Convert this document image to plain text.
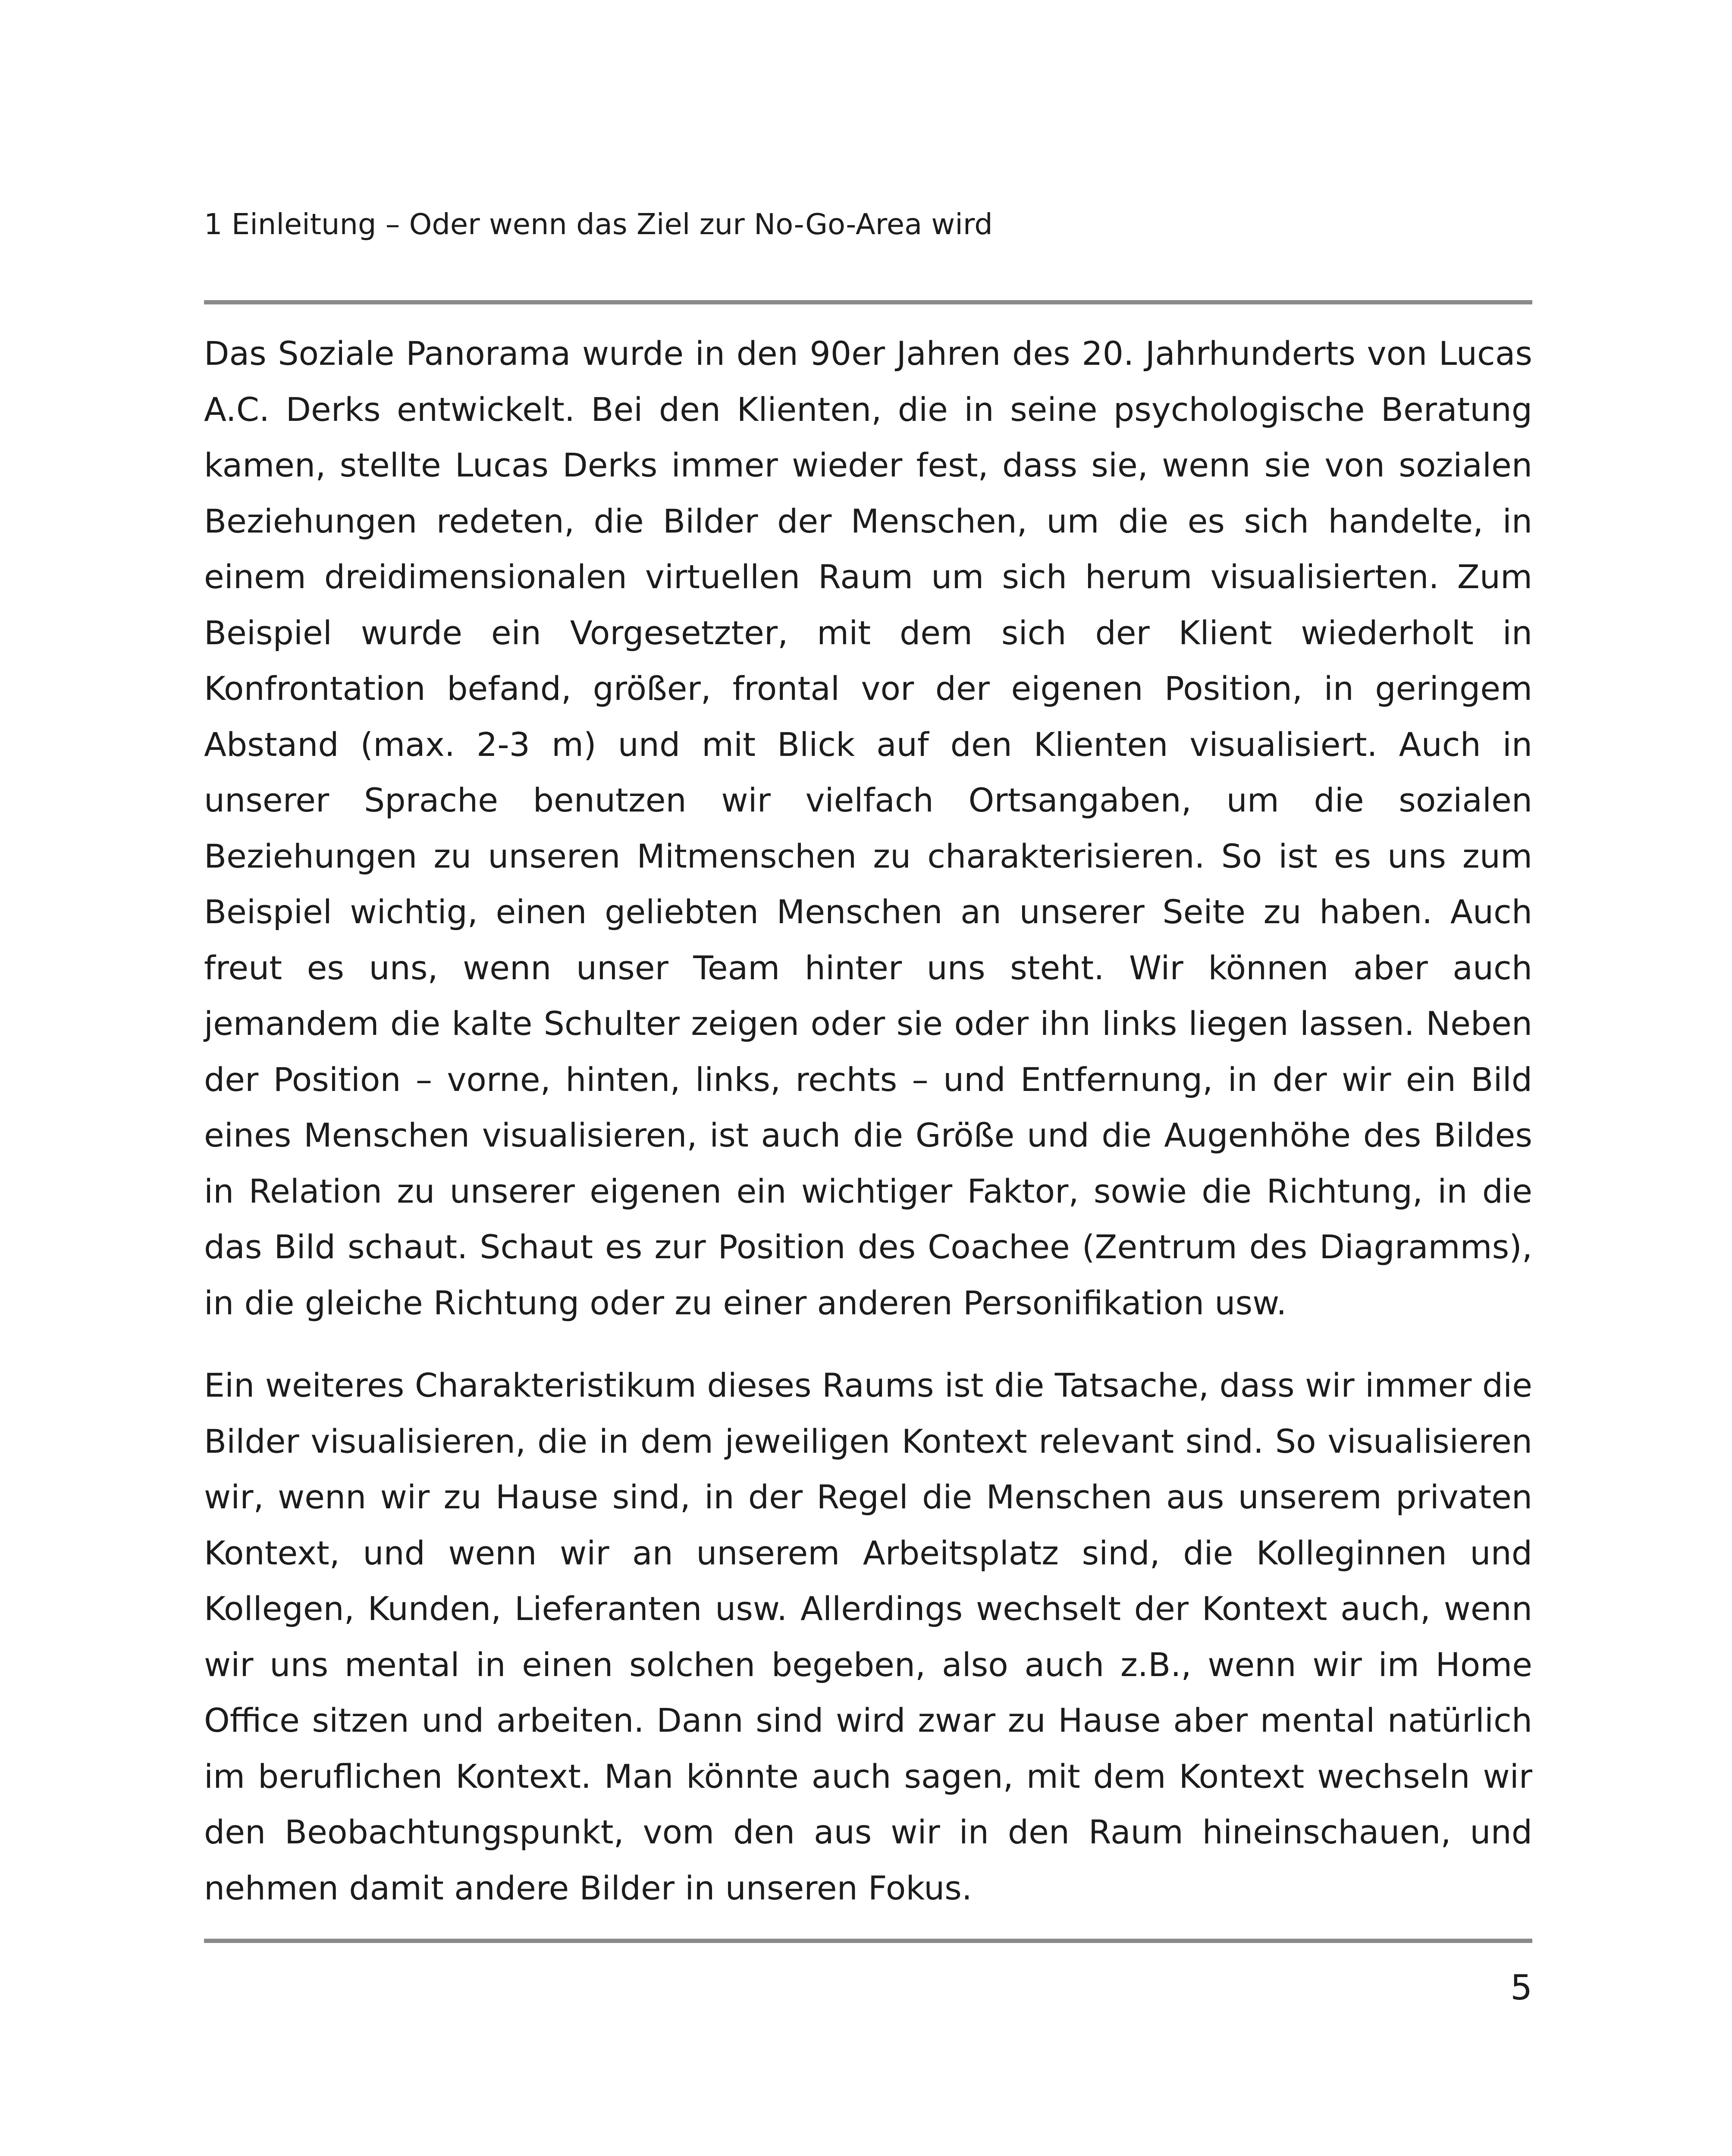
1 Einleitung – Oder wenn das Ziel zur No-Go-Area wird

Das Soziale Panorama wurde in den 90er Jahren des 20. Jahrhunderts von Lucas A.C. Derks entwickelt. Bei den Klienten, die in seine psychologische Beratung kamen, stellte Lucas Derks immer wieder fest, dass sie, wenn sie von sozialen Beziehungen redeten, die Bilder der Menschen, um die es sich handelte, in einem dreidimensionalen virtuellen Raum um sich herum visualisierten. Zum Beispiel wurde ein Vorgesetzter, mit dem sich der Klient wiederholt in Konfrontation befand, größer, frontal vor der eigenen Position, in geringem Abstand (max. 2-3 m) und mit Blick auf den Klienten visualisiert. Auch in unserer Sprache benutzen wir vielfach Ortsangaben, um die sozialen Beziehungen zu unseren Mitmenschen zu charakterisieren. So ist es uns zum Beispiel wichtig, einen geliebten Menschen an unserer Seite zu haben. Auch freut es uns, wenn unser Team hinter uns steht. Wir können aber auch jemandem die kalte Schulter zeigen oder sie oder ihn links liegen lassen. Neben der Position – vorne, hinten, links, rechts – und Entfernung, in der wir ein Bild eines Menschen visualisieren, ist auch die Größe und die Augenhöhe des Bildes in Relation zu unserer eigenen ein wichtiger Faktor, sowie die Richtung, in die das Bild schaut. Schaut es zur Position des Coachee (Zentrum des Diagramms), in die gleiche Richtung oder zu einer anderen Personifikation usw.

Ein weiteres Charakteristikum dieses Raums ist die Tatsache, dass wir immer die Bilder visualisieren, die in dem jeweiligen Kontext relevant sind. So visualisieren wir, wenn wir zu Hause sind, in der Regel die Menschen aus unserem privaten Kontext, und wenn wir an unserem Arbeitsplatz sind, die Kolleginnen und Kollegen, Kunden, Lieferanten usw. Allerdings wechselt der Kontext auch, wenn wir uns mental in einen solchen begeben, also auch z.B., wenn wir im Home Office sitzen und arbeiten. Dann sind wird zwar zu Hause aber mental natürlich im beruflichen Kontext. Man könnte auch sagen, mit dem Kontext wechseln wir den Beobachtungspunkt, vom den aus wir in den Raum hineinschauen, und nehmen damit andere Bilder in unseren Fokus.

5
